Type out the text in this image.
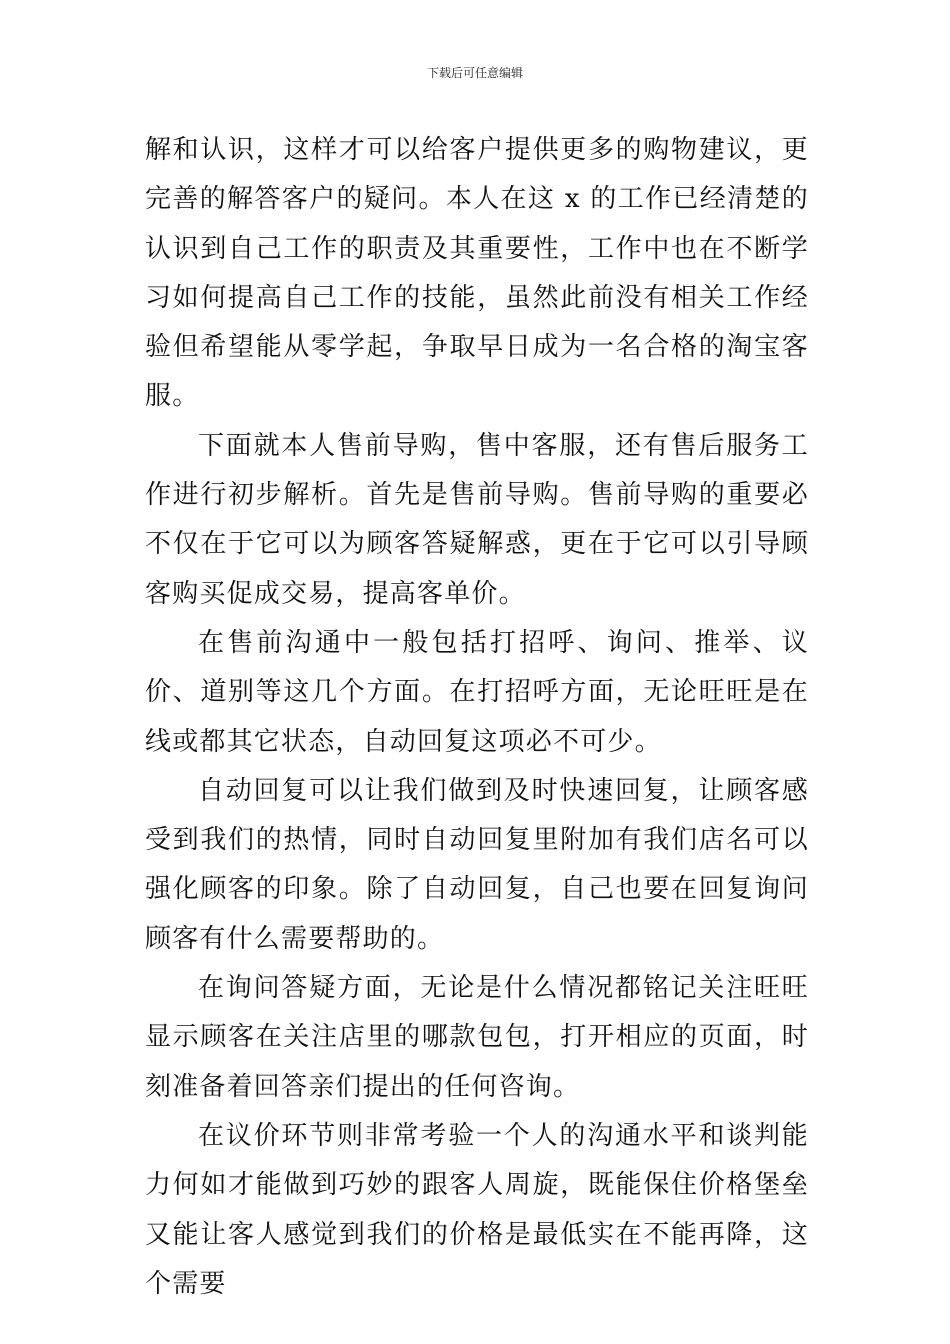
下载后可任意编辑

解和认识，这样才可以给客户提供更多的购物建议，更完善的解答客户的疑问。本人在这 x 的工作已经清楚的认识到自己工作的职责及其重要性，工作中也在不断学习如何提高自己工作的技能，虽然此前没有相关工作经验但希望能从零学起，争取早日成为一名合格的淘宝客服。

下面就本人售前导购，售中客服，还有售后服务工作进行初步解析。首先是售前导购。售前导购的重要必不仅在于它可以为顾客答疑解惑，更在于它可以引导顾客购买促成交易，提高客单价。

在售前沟通中一般包括打招呼、询问、推举、议价、道别等这几个方面。在打招呼方面，无论旺旺是在线或都其它状态，自动回复这项必不可少。

自动回复可以让我们做到及时快速回复，让顾客感受到我们的热情，同时自动回复里附加有我们店名可以强化顾客的印象。除了自动回复，自己也要在回复询问顾客有什么需要帮助的。

在询问答疑方面，无论是什么情况都铭记关注旺旺显示顾客在关注店里的哪款包包，打开相应的页面，时刻准备着回答亲们提出的任何咨询。

在议价环节则非常考验一个人的沟通水平和谈判能力何如才能做到巧妙的跟客人周旋，既能保住价格堡垒又能让客人感觉到我们的价格是最低实在不能再降，这个需要
